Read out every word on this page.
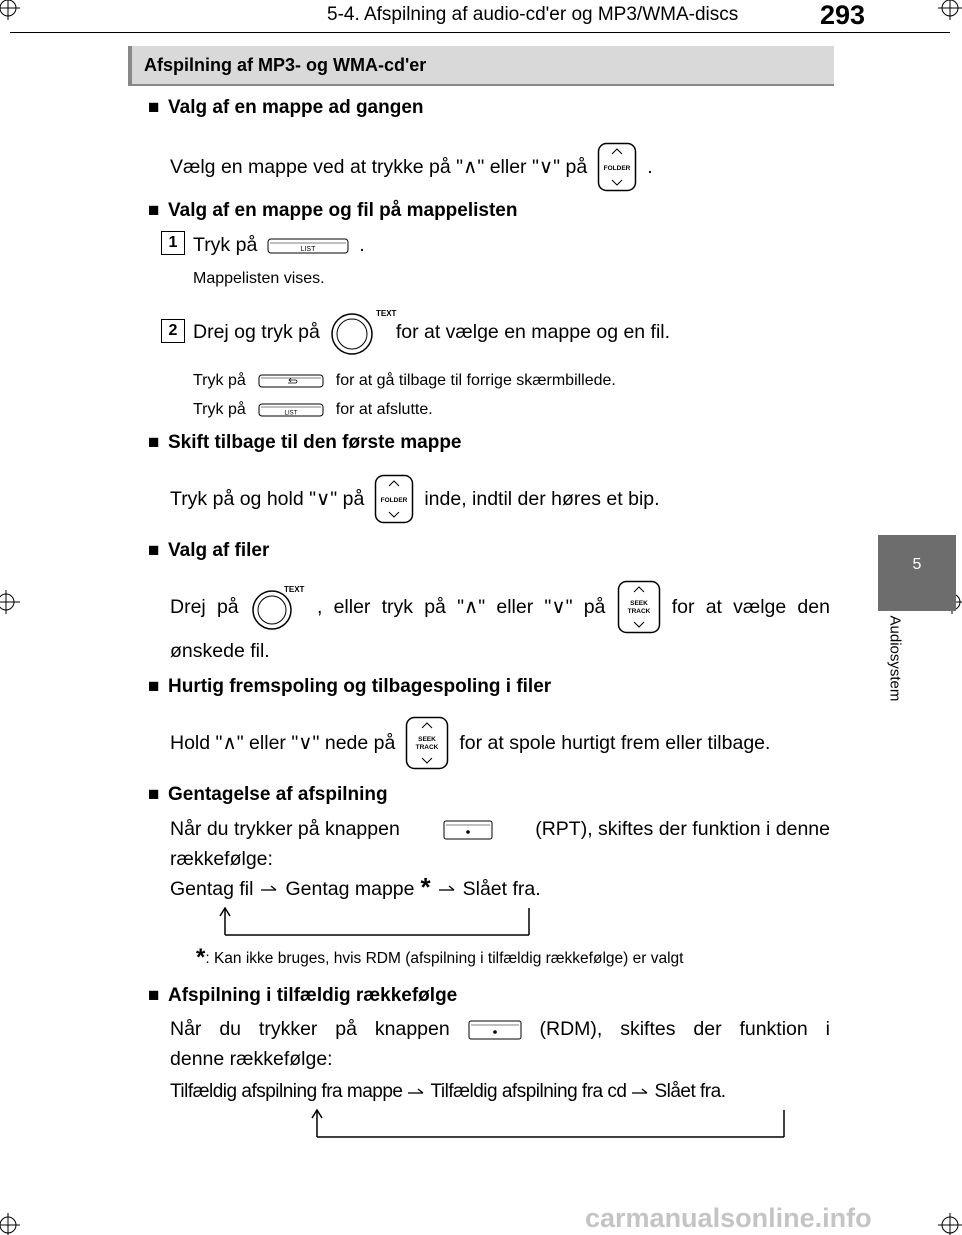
5-4. Afspilning af audio-cd'er og MP3/WMA-discs	293
5
Audiosystem
Afspilning af MP3- og WMA-cd'er
■ Valg af en mappe ad gangen
Vælg en mappe ved at trykke på "∧" eller "∨" på	FOLDER .
■ Valg af en mappe og fil på mappelisten
1 Tryk på	LIST .
Mappelisten vises.
2 Drej og tryk på
TEXT
for at vælge en mappe og en fil.
Tryk på	for at gå tilbage til forrige skærmbillede.
Tryk på	LIST for at afslutte.
■ Skift tilbage til den første mappe
Tryk på og hold "∨" på	FOLDER inde, indtil der høres et bip.
■ Valg af filer
Drej på
TEXT
, eller tryk på "∧" eller "∨" på	SEEK
TRACK for at vælge den
ønskede fil.
■ Hurtig fremspoling og tilbagespoling i filer
Hold "∧" eller "∨" nede på	SEEK
TRACK for at spole hurtigt frem eller tilbage.
■ Gentagelse af afspilning
Når du trykker på knappen	(RPT), skiftes der funktion i denne
rækkefølge:
Gentag fil Gentag mappe * Slået fra.
*: Kan ikke bruges, hvis RDM (afspilning i tilfældig rækkefølge) er valgt
■ Afspilning i tilfældig rækkefølge
Når du trykker på knappen	(RDM), skiftes der funktion i
denne rækkefølge:
Tilfældig afspilning fra mappe Tilfældig afspilning fra cd Slået fra.
carmanualsonline.info
